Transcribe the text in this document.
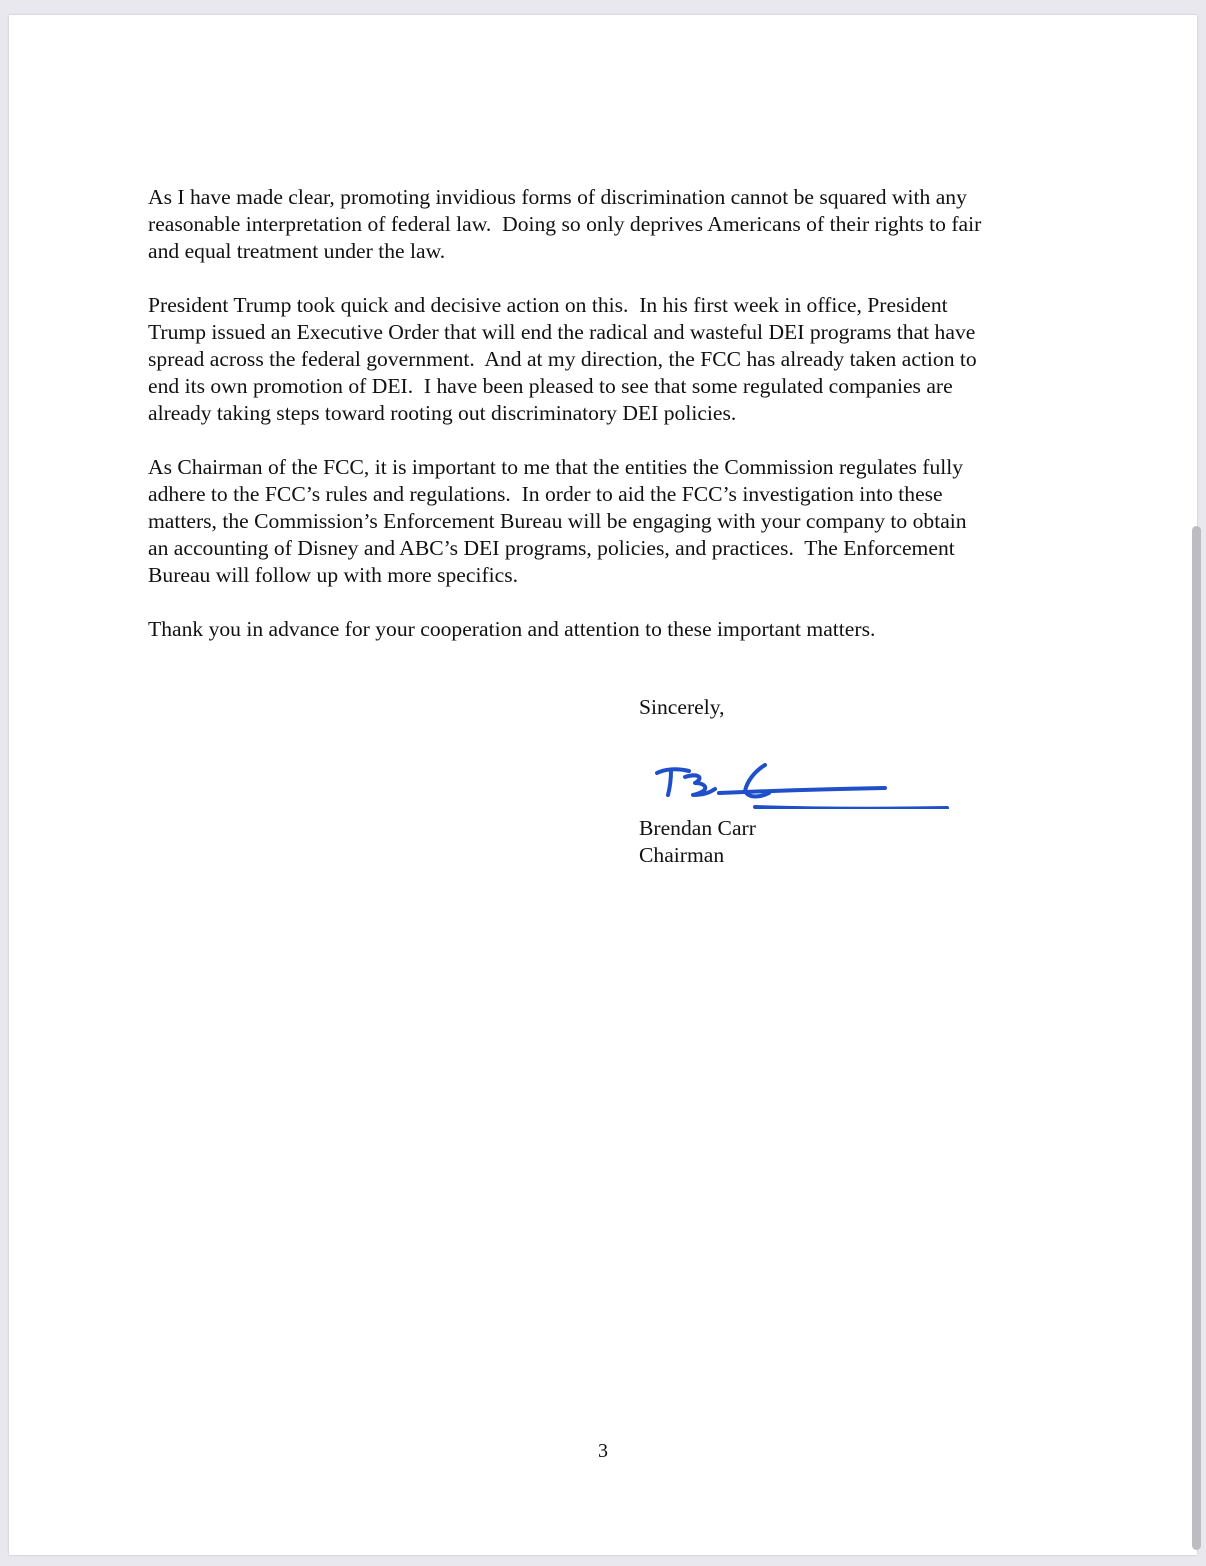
As I have made clear, promoting invidious forms of discrimination cannot be squared with any
reasonable interpretation of federal law.  Doing so only deprives Americans of their rights to fair
and equal treatment under the law.

President Trump took quick and decisive action on this.  In his first week in office, President
Trump issued an Executive Order that will end the radical and wasteful DEI programs that have
spread across the federal government.  And at my direction, the FCC has already taken action to
end its own promotion of DEI.  I have been pleased to see that some regulated companies are
already taking steps toward rooting out discriminatory DEI policies.

As Chairman of the FCC, it is important to me that the entities the Commission regulates fully
adhere to the FCC’s rules and regulations.  In order to aid the FCC’s investigation into these
matters, the Commission’s Enforcement Bureau will be engaging with your company to obtain
an accounting of Disney and ABC’s DEI programs, policies, and practices.  The Enforcement
Bureau will follow up with more specifics.

Thank you in advance for your cooperation and attention to these important matters.

Sincerely,
Brendan Carr
Chairman
3
